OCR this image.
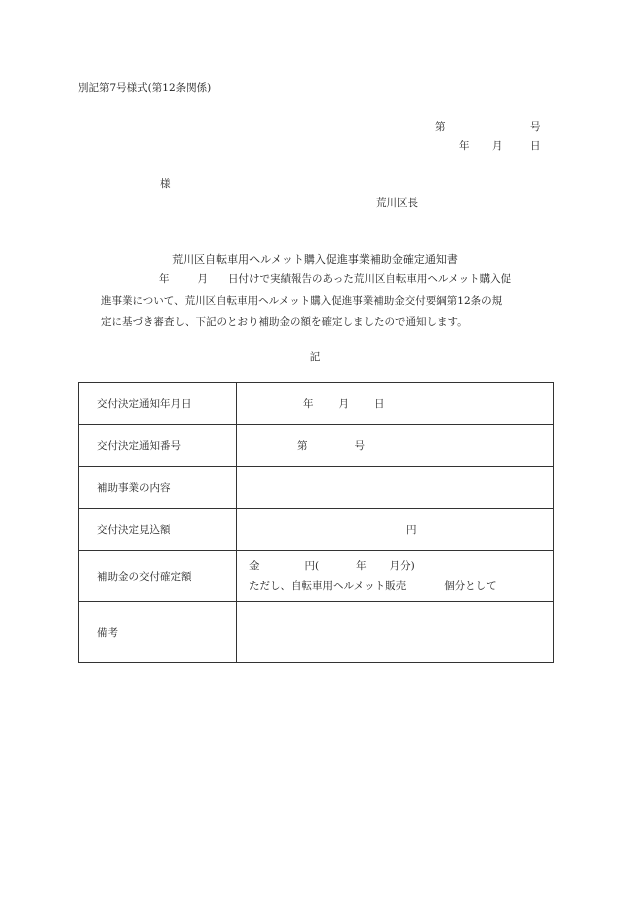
別記第7号様式(第12条関係)
第	号
年 月	日
様
荒川区長
荒川区自転車用ヘルメット購入促進事業補助金確定通知書
年	月 日付けで実績報告のあった荒川区自転車用ヘルメット購入促
進事業について、荒川区自転車用ヘルメット購入促進事業補助金交付要綱第12条の規
定に基づき審査し、下記のとおり補助金の額を確定しましたので通知します。
記
交付決定通知年月日	年 月 日
交付決定通知番号	第 号
補助事業の内容	
交付決定見込額	円
補助金の交付確定額	金 円( 年 月分)
ただし、自転車用ヘルメット販売 個分として

備考	
